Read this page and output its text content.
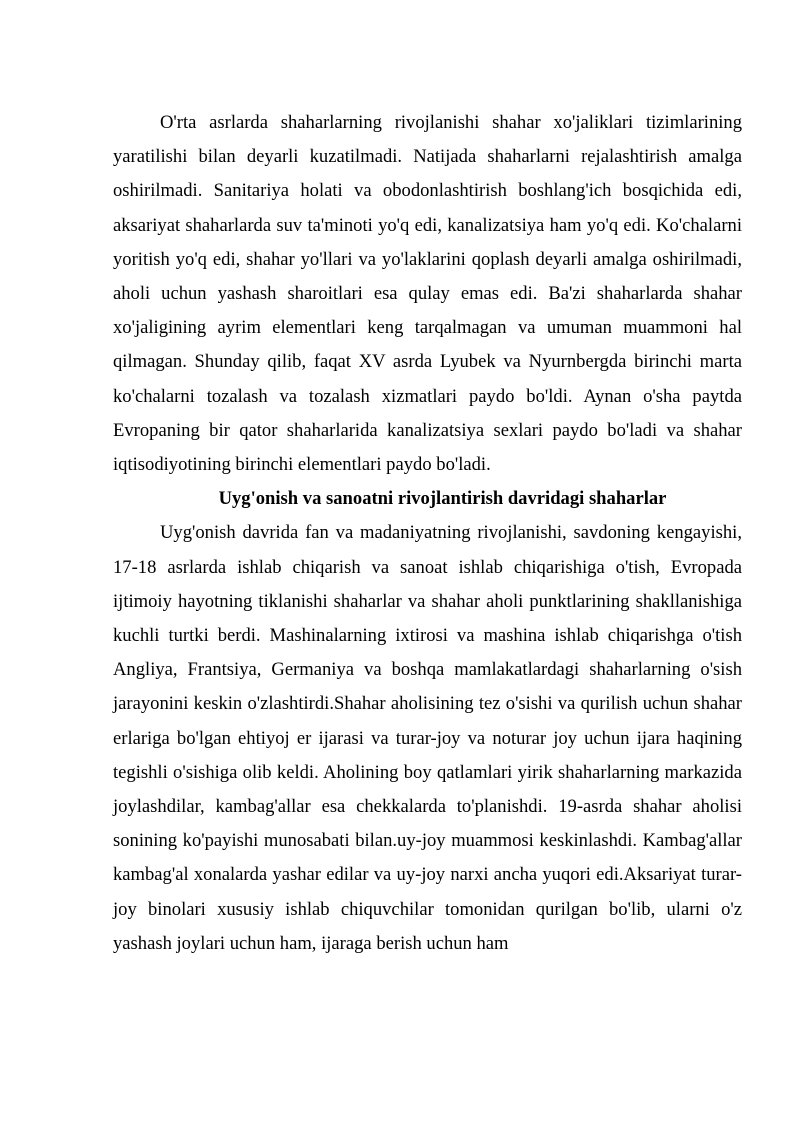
O'rta asrlarda shaharlarning rivojlanishi shahar xo'jaliklari tizimlarining yaratilishi bilan deyarli kuzatilmadi. Natijada shaharlarni rejalashtirish amalga oshirilmadi. Sanitariya holati va obodonlashtirish boshlang'ich bosqichida edi, aksariyat shaharlarda suv ta'minoti yo'q edi, kanalizatsiya ham yo'q edi. Ko'chalarni yoritish yo'q edi, shahar yo'llari va yo'laklarini qoplash deyarli amalga oshirilmadi, aholi uchun yashash sharoitlari esa qulay emas edi. Ba'zi shaharlarda shahar xo'jaligining ayrim elementlari keng tarqalmagan va umuman muammoni hal qilmagan. Shunday qilib, faqat XV asrda Lyubek va Nyurnbergda birinchi marta ko'chalarni tozalash va tozalash xizmatlari paydo bo'ldi. Aynan o'sha paytda Evropaning bir qator shaharlarida kanalizatsiya sexlari paydo bo'ladi va shahar iqtisodiyotining birinchi elementlari paydo bo'ladi.

Uyg'onish va sanoatni rivojlantirish davridagi shaharlar

Uyg'onish davrida fan va madaniyatning rivojlanishi, savdoning kengayishi, 17-18 asrlarda ishlab chiqarish va sanoat ishlab chiqarishiga o'tish, Evropada ijtimoiy hayotning tiklanishi shaharlar va shahar aholi punktlarining shakllanishiga kuchli turtki berdi. Mashinalarning ixtirosi va mashina ishlab chiqarishga o'tish Angliya, Frantsiya, Germaniya va boshqa mamlakatlardagi shaharlarning o'sish jarayonini keskin o'zlashtirdi.Shahar aholisining tez o'sishi va qurilish uchun shahar erlariga bo'lgan ehtiyoj er ijarasi va turar-joy va noturar joy uchun ijara haqining tegishli o'sishiga olib keldi. Aholining boy qatlamlari yirik shaharlarning markazida joylashdilar, kambag'allar esa chekkalarda to'planishdi. 19-asrda shahar aholisi sonining ko'payishi munosabati bilan.uy-joy muammosi keskinlashdi. Kambag'allar kambag'al xonalarda yashar edilar va uy-joy narxi ancha yuqori edi.Aksariyat turar-joy binolari xususiy ishlab chiquvchilar tomonidan qurilgan bo'lib, ularni o'z yashash joylari uchun ham, ijaraga berish uchun ham
